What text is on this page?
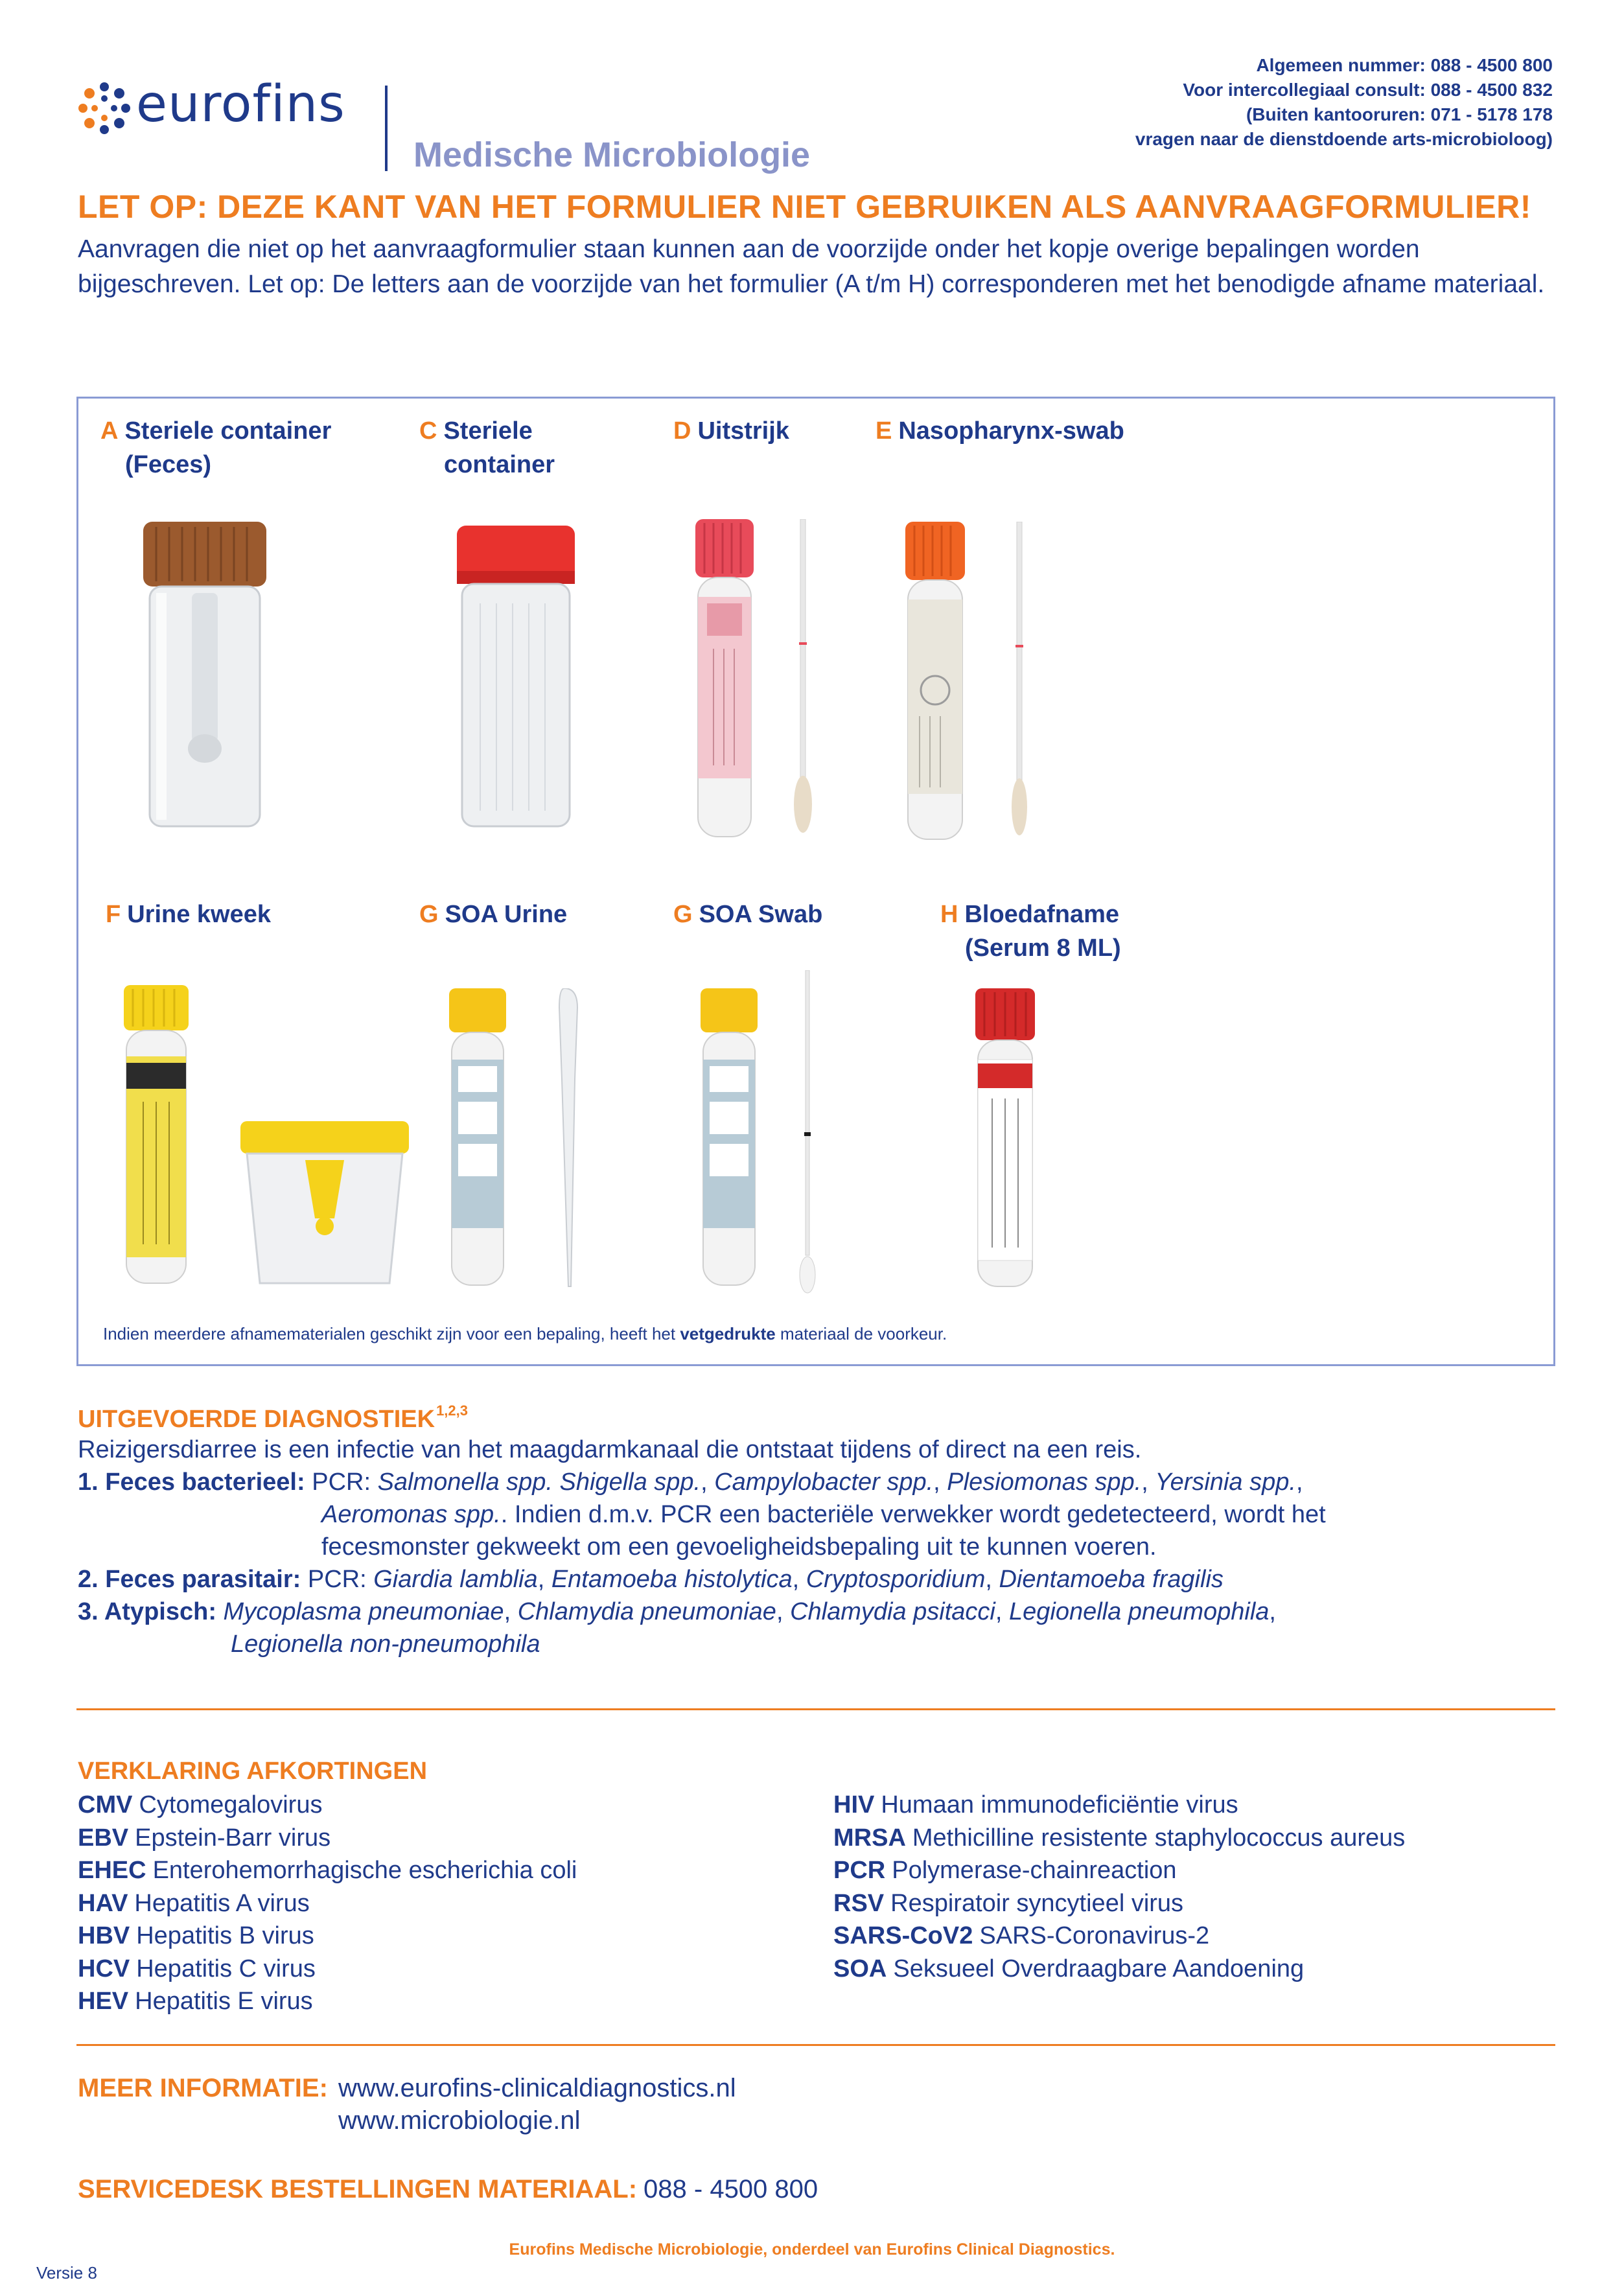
eurofins
Medische Microbiologie
Algemeen nummer: 088 - 4500 800
Voor intercollegiaal consult: 088 - 4500 832
(Buiten kantooruren: 071 - 5178 178
vragen naar de dienstdoende arts-microbioloog)
LET OP: DEZE KANT VAN HET FORMULIER NIET GEBRUIKEN ALS AANVRAAGFORMULIER!
Aanvragen die niet op het aanvraagformulier staan kunnen aan de voorzijde onder het kopje overige bepalingen worden bijgeschreven. Let op: De letters aan de voorzijde van het formulier (A t/m H) corresponderen met het benodigde afname materiaal.
A Steriele container
(Feces)
C Steriele
container
D Uitstrijk	E Nasopharynx-swab
F Urine kweek	G SOA Urine	G SOA Swab	H Bloedafname
(Serum 8 ML)
Indien meerdere afnamematerialen geschikt zijn voor een bepaling, heeft het vetgedrukte materiaal de voorkeur.
UITGEVOERDE DIAGNOSTIEK$^{1,2,3}$
Reizigersdiarree is een infectie van het maagdarmkanaal die ontstaat tijdens of direct na een reis.
1. Feces bacterieel: PCR: Salmonella spp. Shigella spp., Campylobacter spp., Plesiomonas spp., Yersinia spp.,
Aeromonas spp.. Indien d.m.v. PCR een bacteriële verwekker wordt gedetecteerd, wordt het
fecesmonster gekweekt om een gevoeligheidsbepaling uit te kunnen voeren.
2. Feces parasitair: PCR: Giardia lamblia, Entamoeba histolytica, Cryptosporidium, Dientamoeba fragilis
3. Atypisch: Mycoplasma pneumoniae, Chlamydia pneumoniae, Chlamydia psitacci, Legionella pneumophila,
Legionella non-pneumophila
VERKLARING AFKORTINGEN
CMV Cytomegalovirus
EBV Epstein-Barr virus
EHEC Enterohemorrhagische escherichia coli
HAV Hepatitis A virus
HBV Hepatitis B virus
HCV Hepatitis C virus
HEV Hepatitis E virus
HIV Humaan immunodeficiëntie virus
MRSA Methicilline resistente staphylococcus aureus
PCR Polymerase-chainreaction
RSV Respiratoir syncytieel virus
SARS-CoV2 SARS-Coronavirus-2
SOA Seksueel Overdraagbare Aandoening
MEER INFORMATIE: www.eurofins-clinicaldiagnostics.nl
www.microbiologie.nl
SERVICEDESK BESTELLINGEN MATERIAAL: 088 - 4500 800
Eurofins Medische Microbiologie, onderdeel van Eurofins Clinical Diagnostics.
Versie 8
